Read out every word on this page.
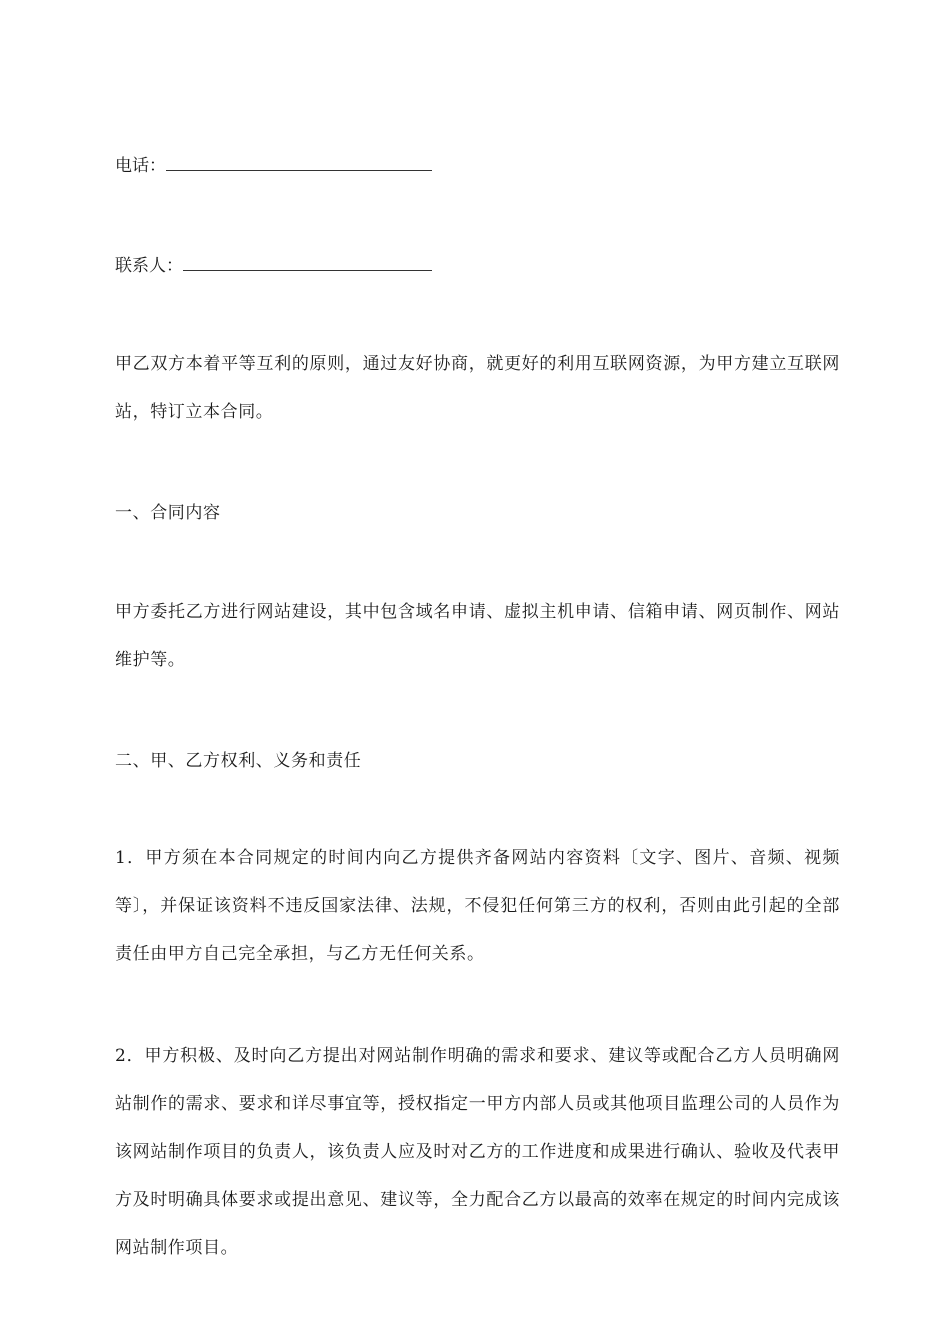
电话：
联系人：

甲乙双方本着平等互利的原则，通过友好协商，就更好的利用互联网资源，为甲方建立互联网站，特订立本合同。

一、合同内容

甲方委托乙方进行网站建设，其中包含域名申请、虚拟主机申请、信箱申请、网页制作、网站维护等。

二、甲、乙方权利、义务和责任

1．甲方须在本合同规定的时间内向乙方提供齐备网站内容资料〔文字、图片、音频、视频等〕，并保证该资料不违反国家法律、法规，不侵犯任何第三方的权利，否则由此引起的全部责任由甲方自己完全承担，与乙方无任何关系。

2．甲方积极、及时向乙方提出对网站制作明确的需求和要求、建议等或配合乙方人员明确网站制作的需求、要求和详尽事宜等，授权指定一甲方内部人员或其他项目监理公司的人员作为该网站制作项目的负责人，该负责人应及时对乙方的工作进度和成果进行确认、验收及代表甲方及时明确具体要求或提出意见、建议等，全力配合乙方以最高的效率在规定的时间内完成该网站制作项目。
